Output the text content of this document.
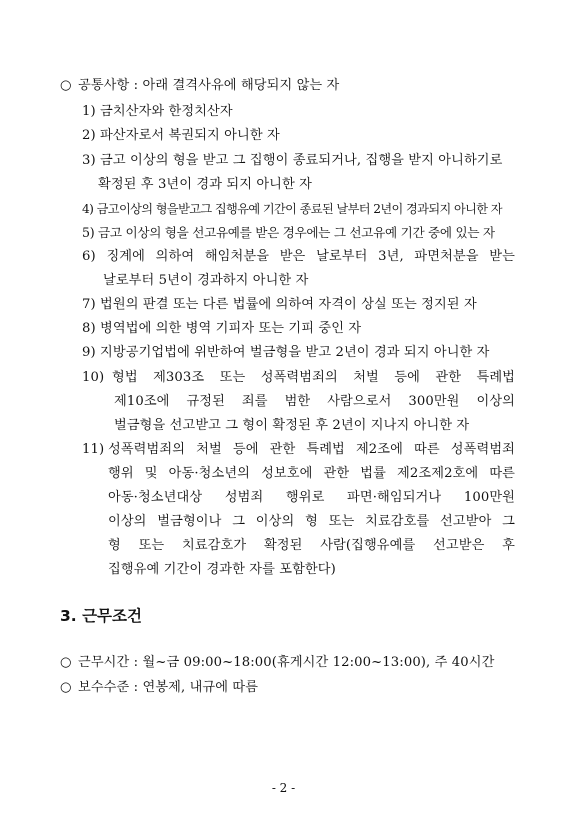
○ 공통사항 : 아래 결격사유에 해당되지 않는 자
1) 금치산자와 한정치산자
2) 파산자로서 복권되지 아니한 자
3) 금고 이상의 형을 받고 그 집행이 종료되거나, 집행을 받지 아니하기로
확정된 후 3년이 경과 되지 아니한 자
4) 금고이상의 형을받고그 집행유예 기간이 종료된 날부터 2년이 경과되지 아니한 자
5) 금고 이상의 형을 선고유예를 받은 경우에는 그 선고유예 기간 중에 있는 자
6) 징계에 의하여 해임처분을 받은 날로부터 3년, 파면처분을 받는
날로부터 5년이 경과하지 아니한 자
7) 법원의 판결 또는 다른 법률에 의하여 자격이 상실 또는 정지된 자
8) 병역법에 의한 병역 기피자 또는 기피 중인 자
9) 지방공기업법에 위반하여 벌금형을 받고 2년이 경과 되지 아니한 자
10) 형법 제303조 또는 성폭력범죄의 처벌 등에 관한 특례법
제10조에 규정된 죄를 범한 사람으로서 300만원 이상의
벌금형을 선고받고 그 형이 확정된 후 2년이 지나지 아니한 자
11) 성폭력범죄의 처벌 등에 관한 특례법 제2조에 따른 성폭력범죄
행위 및 아동·청소년의 성보호에 관한 법률 제2조제2호에 따른
아동·청소년대상 성범죄 행위로 파면·해임되거나 100만원
이상의 벌금형이나 그 이상의 형 또는 치료감호를 선고받아 그
형 또는 치료감호가 확정된 사람(집행유예를 선고받은 후
집행유예 기간이 경과한 자를 포함한다)
3. 근무조건
○ 근무시간 : 월~금 09:00~18:00(휴게시간 12:00~13:00), 주 40시간
○ 보수수준 : 연봉제, 내규에 따름
- 2 -
